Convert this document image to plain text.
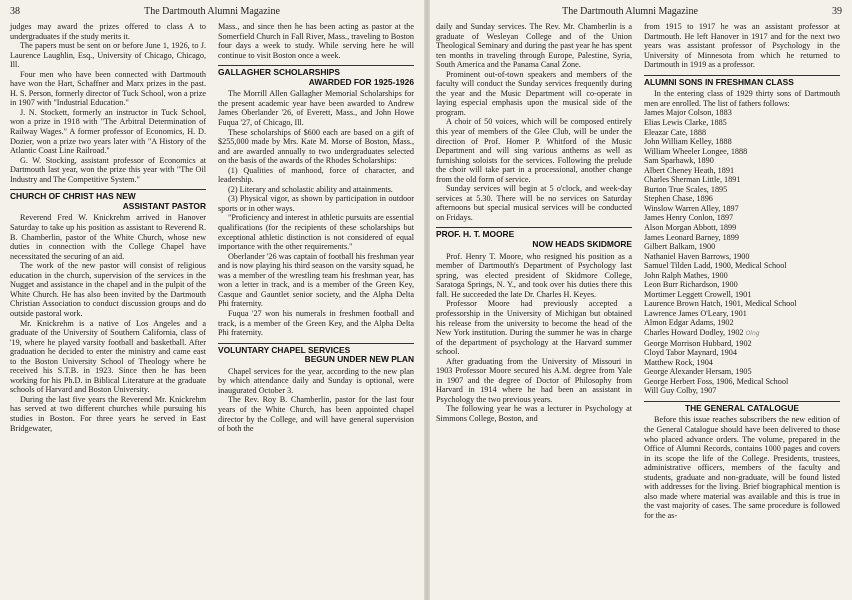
38	The Dartmouth Alumni Magazine

judges may award the prizes offered to class A to undergraduates if the study merits it.

The papers must be sent on or before June 1, 1926, to J. Laurence Laughlin, Esq., University of Chicago, Chicago, Ill.

Four men who have been connected with Dartmouth have won the Hart, Schaffner and Marx prizes in the past. H. S. Person, formerly director of Tuck School, won a prize in 1907 with "Industrial Education."

J. N. Stockett, formerly an instructor in Tuck School, won a prize in 1918 with "The Arbitral Determination of Railway Wages." A former professor of Economics, H. D. Dozier, won a prize two years later with "A History of the Atlantic Coast Line Railroad."

G. W. Stocking, assistant professor of Economics at Dartmouth last year, won the prize this year with "The Oil Industry and The Competitive System."

CHURCH OF CHRIST HAS NEW
ASSISTANT PASTOR

Reverend Fred W. Knickrehm arrived in Hanover Saturday to take up his position as assistant to Reverend R. B. Chamberlin, pastor of the White Church, whose new duties in connection with the College Chapel have necessitated the securing of an aid.

The work of the new pastor will consist of religious education in the church, supervision of the services in the Nugget and assistance in the chapel and in the pulpit of the White Church. He has also been invited by the Dartmouth Christian Association to conduct discussion groups and do outside pastoral work.

Mr. Knickrehm is a native of Los Angeles and a graduate of the University of Southern California, class of '19, where he played varsity football and basketball. After graduation he decided to enter the ministry and came east to the Boston University School of Theology where he received his S.T.B. in 1923. Since then he has been working for his Ph.D. in Biblical Literature at the graduate schools of Harvard and Boston University.

During the last five years the Reverend Mr. Knickrehm has served at two different churches while pursuing his studies in Boston. For three years he served in East Bridgewater,

Mass., and since then he has been acting as pastor at the Somerfield Church in Fall River, Mass., traveling to Boston four days a week to study. While serving here he will continue to visit Boston once a week.

GALLAGHER SCHOLARSHIPS
AWARDED FOR 1925-1926

The Morrill Allen Gallagher Memorial Scholarships for the present academic year have been awarded to Andrew James Oberlander '26, of Everett, Mass., and John Howe Fuqua '27, of Chicago, Ill.

These scholarships of $600 each are based on a gift of $255,000 made by Mrs. Kate M. Morse of Boston, Mass., and are awarded annually to two undergraduates selected on the basis of the awards of the Rhodes Scholarships:

(1) Qualities of manhood, force of character, and leadership.

(2) Literary and scholastic ability and attainments.

(3) Physical vigor, as shown by participation in outdoor sports or in other ways.

"Proficiency and interest in athletic pursuits are essential qualifications (for the recipients of these scholarships but exceptional athletic distinction is not considered of equal importance with the other requirements."

Oberlander '26 was captain of football his freshman year and is now playing his third season on the varsity squad, he was a member of the wrestling team his freshman year, has won a letter in track, and is a member of the Green Key, Casque and Gauntlet senior society, and the Alpha Delta Phi fraternity.

Fuqua '27 won his numerals in freshmen football and track, is a member of the Green Key, and the Alpha Delta Phi fraternity.

VOLUNTARY CHAPEL SERVICES
BEGUN UNDER NEW PLAN

Chapel services for the year, according to the new plan by which attendance daily and Sunday is optional, were inaugurated October 3.

The Rev. Roy B. Chamberlin, pastor for the last four years of the White Church, has been appointed chapel director by the College, and will have general supervision of both the

The Dartmouth Alumni Magazine	39

daily and Sunday services. The Rev. Mr. Chamberlin is a graduate of Wesleyan College and of the Union Theological Seminary and during the past year he has spent ten months in traveling through Europe, Palestine, Syria, South America and the Panama Canal Zone.

Prominent out-of-town speakers and members of the faculty will conduct the Sunday services frequently during the year and the Music Department will co-operate in laying especial emphasis upon the musical side of the program.

A choir of 50 voices, which will be composed entirely this year of members of the Glee Club, will be under the direction of Prof. Homer P. Whitford of the Music Department and will sing various anthems as well as furnishing soloists for the services. Following the prelude the choir will take part in a processional, another change from the old form of service.

Sunday services will begin at 5 o'clock, and week-day services at 5.30. There will be no services on Saturday afternoons but special musical services will be conducted on Fridays.

PROF. H. T. MOORE
NOW HEADS SKIDMORE

Prof. Henry T. Moore, who resigned his position as a member of Dartmouth's Department of Psychology last spring, was elected president of Skidmore College, Saratoga Springs, N. Y., and took over his duties there this fall. He succeeded the late Dr. Charles H. Keyes.

Professor Moore had previously accepted a professorship in the University of Michigan but obtained his release from the university to become the head of the New York institution. During the summer he was in charge of the department of psychology at the Harvard summer school.

After graduating from the University of Missouri in 1903 Professor Moore secured his A.M. degree from Yale in 1907 and the degree of Doctor of Philosophy from Harvard in 1914 where he had been an assistant in Psychology the two previous years.

The following year he was a lecturer in Psychology at Simmons College, Boston, and

from 1915 to 1917 he was an assistant professor at Dartmouth. He left Hanover in 1917 and for the next two years was assistant professor of Psychology in the University of Minnesota from which he returned to Dartmouth in 1919 as a professor.

ALUMNI SONS IN FRESHMAN CLASS

In the entering class of 1929 thirty sons of Dartmouth men are enrolled. The list of fathers follows:

James Major Colson, 1883
Elias Lewis Clarke, 1885
Eleazar Cate, 1888
John William Kelley, 1888
William Wheeler Longee, 1888
Sam Sparhawk, 1890
Albert Cheney Heath, 1891
Charles Sherman Little, 1891
Burton True Scales, 1895
Stephen Chase, 1896
Winslow Warren Alley, 1897
James Henry Conlon, 1897
Alson Morgan Abbott, 1899
James Leonard Barney, 1899
Gilbert Balkam, 1900
Nathaniel Haven Barrows, 1900
Samuel Tilden Ladd, 1900, Medical School
John Ralph Mathes, 1900
Leon Burr Richardson, 1900
Mortimer Leggett Crowell, 1901
Laurence Brown Hatch, 1901, Medical School
Lawrence James O'Leary, 1901
Almon Edgar Adams, 1902
Charles Howard Dodley, 1902 Olng
George Morrison Hubbard, 1902
Cloyd Tabor Maynard, 1904
Matthew Rock, 1904
George Alexander Hersam, 1905
George Herbert Foss, 1906, Medical School
Will Guy Colby, 1907
THE GENERAL CATALOGUE

Before this issue reaches subscribers the new edition of the General Catalogue should have been delivered to those who placed advance orders. The volume, prepared in the Office of Alumni Records, contains 1000 pages and covers in its scope the life of the College. Presidents, trustees, administrative officers, members of the faculty and students, graduate and non-graduate, will be found listed with addresses for the living. Brief biographical mention is also made where material was available and this is true in the vast majority of cases. The same procedure is followed for the as-
